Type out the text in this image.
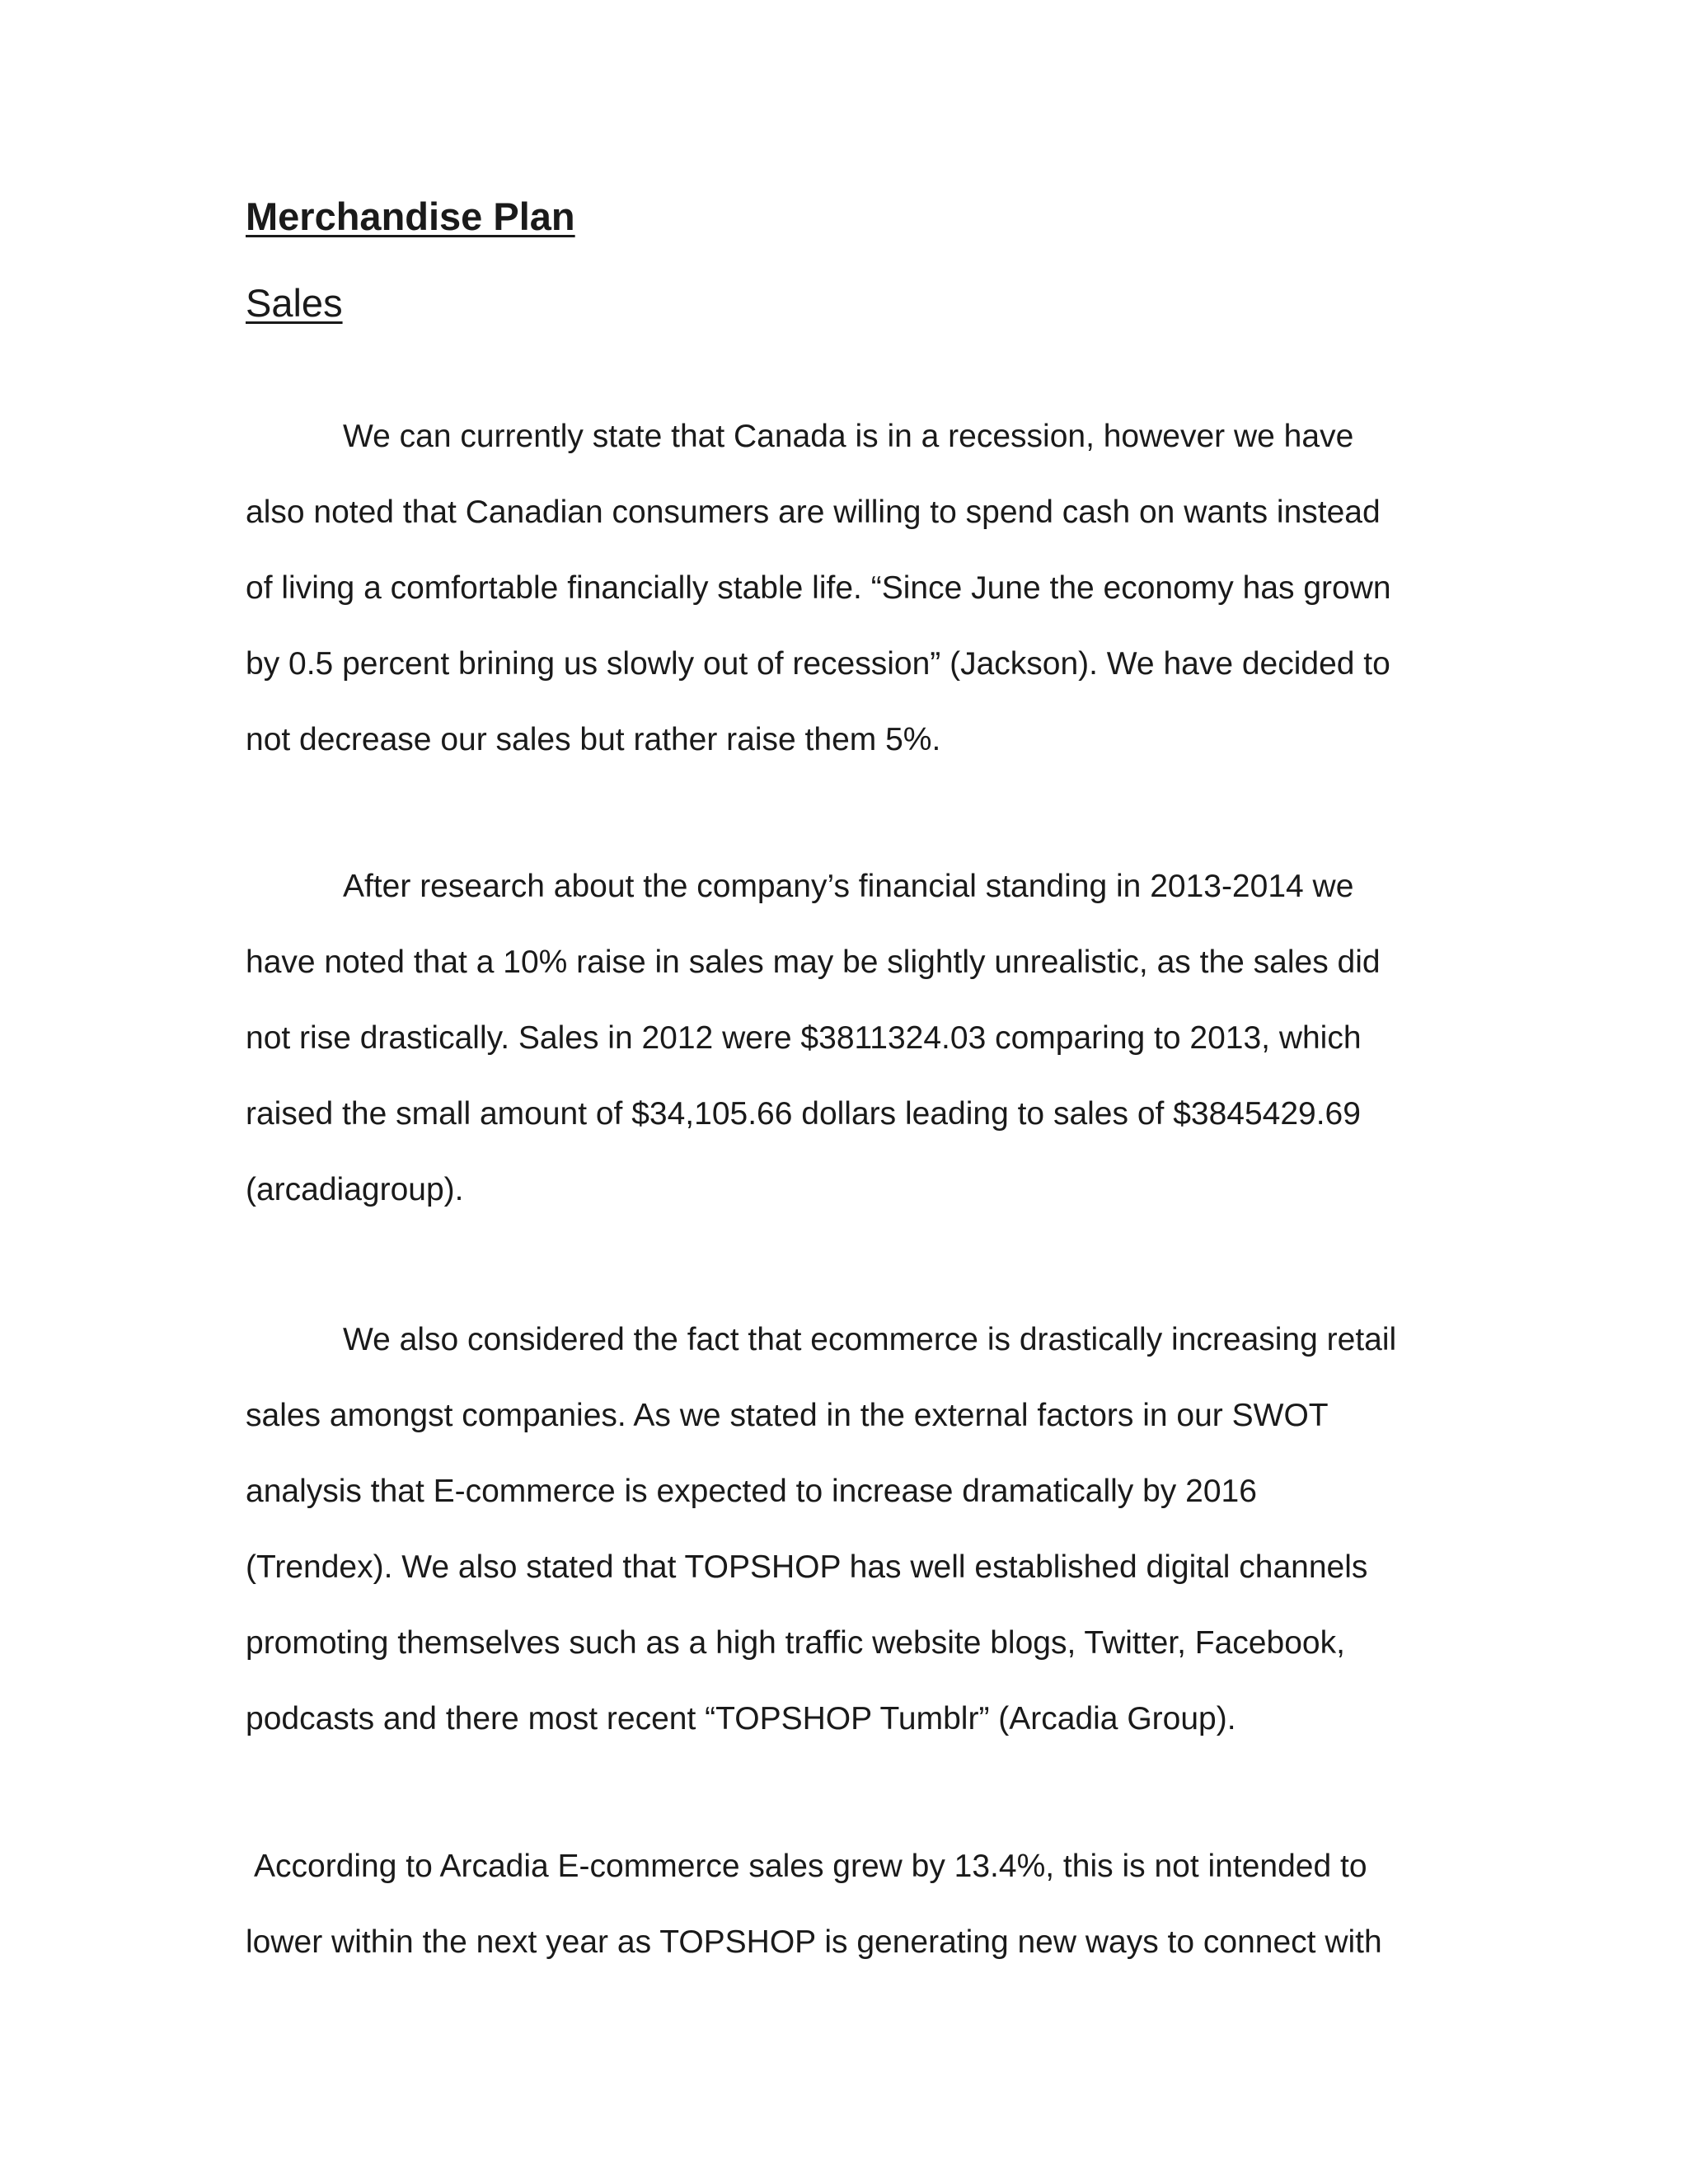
Merchandise Plan
Sales
We can currently state that Canada is in a recession, however we have
also noted that Canadian consumers are willing to spend cash on wants instead
of living a comfortable financially stable life. “Since June the economy has grown
by 0.5 percent brining us slowly out of recession” (Jackson). We have decided to
not decrease our sales but rather raise them 5%.
After research about the company’s financial standing in 2013-2014 we
have noted that a 10% raise in sales may be slightly unrealistic, as the sales did
not rise drastically. Sales in 2012 were $3811324.03 comparing to 2013, which
raised the small amount of $34,105.66 dollars leading to sales of $3845429.69
(arcadiagroup).
We also considered the fact that ecommerce is drastically increasing retail
sales amongst companies. As we stated in the external factors in our SWOT
analysis that E-commerce is expected to increase dramatically by 2016
(Trendex). We also stated that TOPSHOP has well established digital channels
promoting themselves such as a high traffic website blogs, Twitter, Facebook,
podcasts and there most recent “TOPSHOP Tumblr” (Arcadia Group).
According to Arcadia E-commerce sales grew by 13.4%, this is not intended to
lower within the next year as TOPSHOP is generating new ways to connect with
